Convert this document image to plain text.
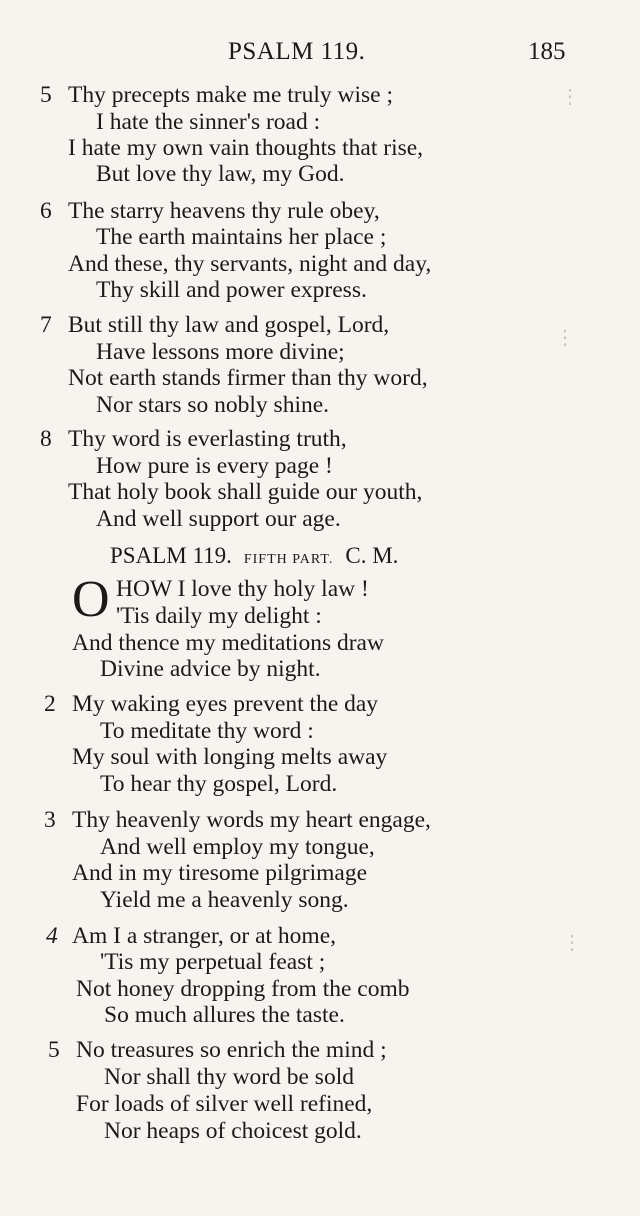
PSALM 119.	185
5 Thy precepts make me truly wise ;
I hate the sinner's road :
I hate my own vain thoughts that rise,
But love thy law, my God.
6 The starry heavens thy rule obey,
The earth maintains her place ;
And these, thy servants, night and day,
Thy skill and power express.
7 But still thy law and gospel, Lord,
Have lessons more divine;
Not earth stands firmer than thy word,
Nor stars so nobly shine.
8 Thy word is everlasting truth,
How pure is every page !
That holy book shall guide our youth,
And well support our age.
PSALM 119. FIFTH PART. C. M.
O HOW I love thy holy law !
'Tis daily my delight :
And thence my meditations draw
Divine advice by night.
2 My waking eyes prevent the day
To meditate thy word :
My soul with longing melts away
To hear thy gospel, Lord.
3 Thy heavenly words my heart engage,
And well employ my tongue,
And in my tiresome pilgrimage
Yield me a heavenly song.
4 Am I a stranger, or at home,
'Tis my perpetual feast ;
Not honey dropping from the comb
So much allures the taste.
5 No treasures so enrich the mind ;
Nor shall thy word be sold
For loads of silver well refined,
Nor heaps of choicest gold.
⋮
⋮
⋮
